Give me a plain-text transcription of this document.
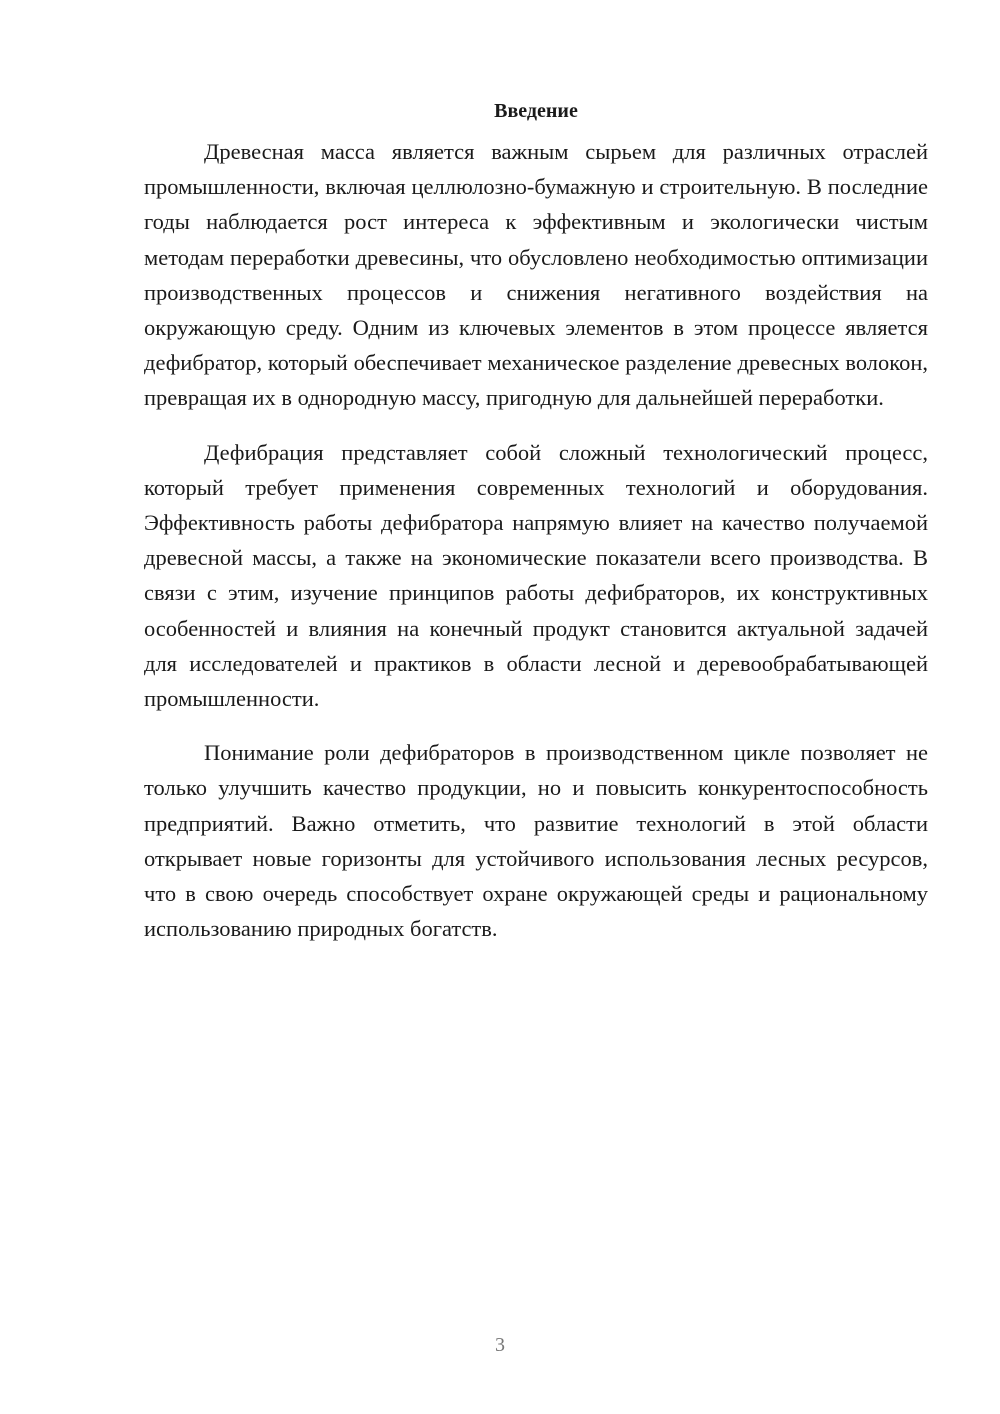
Введение

Древесная масса является важным сырьем для различных отраслей промышленности, включая целлюлозно-бумажную и строительную. В последние годы наблюдается рост интереса к эффективным и экологически чистым методам переработки древесины, что обусловлено необходимостью оптимизации производственных процессов и снижения негативного воздействия на окружающую среду. Одним из ключевых элементов в этом процессе является дефибратор, который обеспечивает механическое разделение древесных волокон, превращая их в однородную массу, пригодную для дальнейшей переработки.

Дефибрация представляет собой сложный технологический процесс, который требует применения современных технологий и оборудования. Эффективность работы дефибратора напрямую влияет на качество получаемой древесной массы, а также на экономические показатели всего производства. В связи с этим, изучение принципов работы дефибраторов, их конструктивных особенностей и влияния на конечный продукт становится актуальной задачей для исследователей и практиков в области лесной и деревообрабатывающей промышленности.

Понимание роли дефибраторов в производственном цикле позволяет не только улучшить качество продукции, но и повысить конкурентоспособность предприятий. Важно отметить, что развитие технологий в этой области открывает новые горизонты для устойчивого использования лесных ресурсов, что в свою очередь способствует охране окружающей среды и рациональному использованию природных богатств.

3
